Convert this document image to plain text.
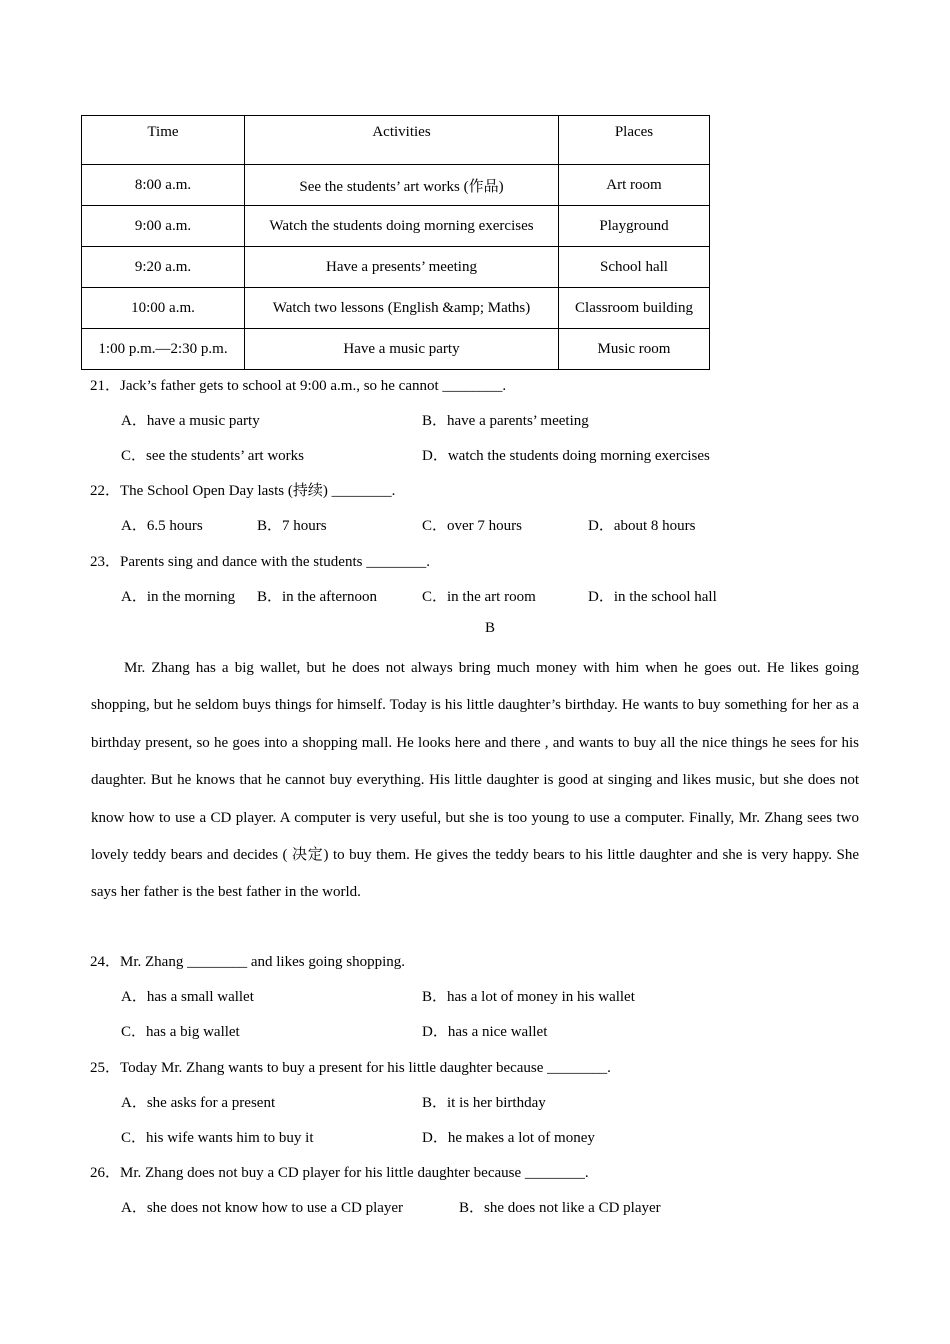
Time	Activities	Places
8:00 a.m.	See the students’ art works (作品)	Art room
9:00 a.m.	Watch the students doing morning exercises	Playground
9:20 a.m.	Have a presents’ meeting	School hall
10:00 a.m.	Watch two lessons (English &amp; Maths)	Classroom building
1:00 p.m.—2:30 p.m.	Have a music party	Music room
21．Jack’s father gets to school at 9:00 a.m., so he cannot ________.
A．have a music party	B．have a parents’ meeting
C．see the students’ art works	D．watch the students doing morning exercises
22．The School Open Day lasts (持续) ________.
A．6.5 hours	B．7 hours	C．over 7 hours	D．about 8 hours
23．Parents sing and dance with the students ________.
A．in the morning B．in the afternoon	C．in the art room	D．in the school hall
B
Mr. Zhang has a big wallet, but he does not always bring much money with him when he goes out. He likes going shopping, but he seldom buys things for himself. Today is his little daughter’s birthday. He wants to buy something for her as a birthday present, so he goes into a shopping mall. He looks here and there , and wants to buy all the nice things he sees for his daughter. But he knows that he cannot buy everything. His little daughter is good at singing and likes music, but she does not know how to use a CD player. A computer is very useful, but she is too young to use a computer. Finally, Mr. Zhang sees two lovely teddy bears and decides ( 决定) to buy them. He gives the teddy bears to his little daughter and she is very happy. She says her father is the best father in the world.
24．Mr. Zhang ________ and likes going shopping.
A．has a small wallet	B．has a lot of money in his wallet
C．has a big wallet	D．has a nice wallet
25．Today Mr. Zhang wants to buy a present for his little daughter because ________.
A．she asks for a present	B．it is her birthday
C．his wife wants him to buy it	D．he makes a lot of money
26．Mr. Zhang does not buy a CD player for his little daughter because ________.
A．she does not know how to use a CD player	B．she does not like a CD player
